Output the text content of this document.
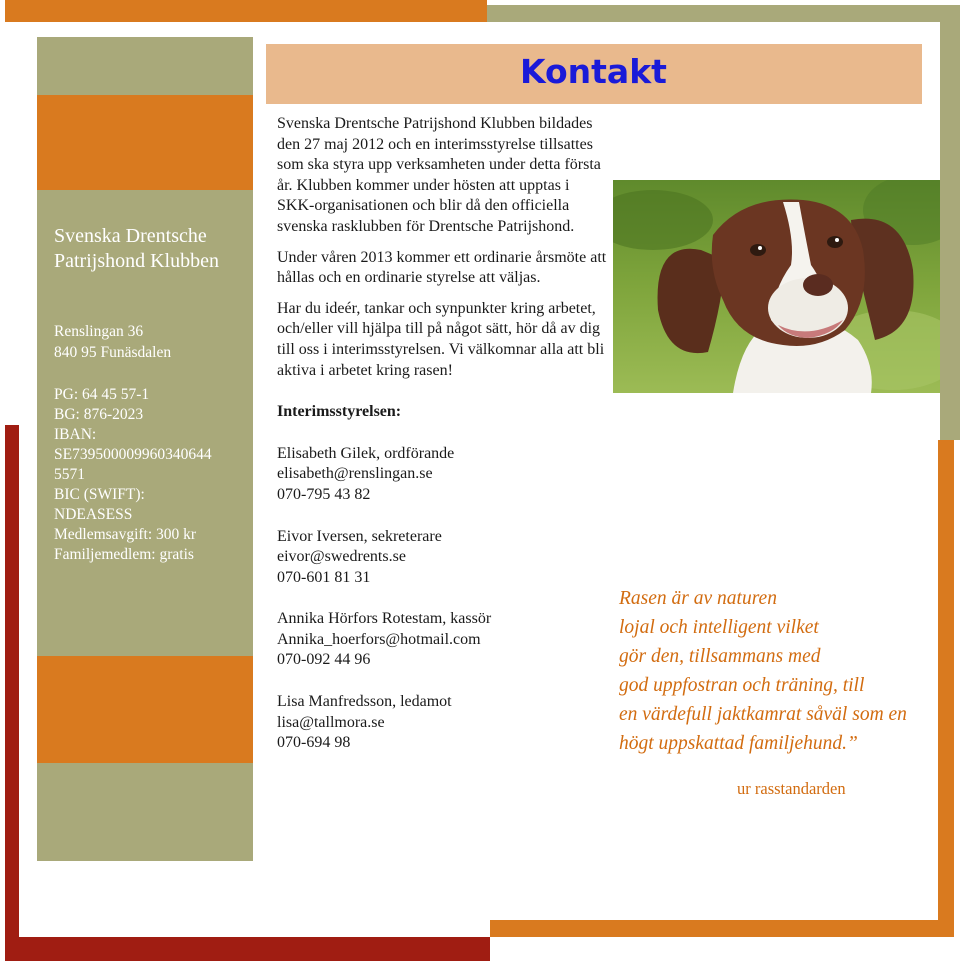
Svenska Drentsche Patrijshond Klubben
Renslingan 36
840 95 Funäsdalen
PG: 64 45 57-1
BG: 876-2023
IBAN:
SE739500009960340644
5571
BIC (SWIFT):
NDEASESS
Medlemsavgift: 300 kr
Familjemedlem: gratis
Kontakt

Svenska Drentsche Patrijshond Klubben bildades den 27 maj 2012 och en interimsstyrelse tillsattes som ska styra upp verksamheten under detta första år. Klubben kommer under hösten att upptas i SKK-organisationen och blir då den officiella svenska rasklubben för Drentsche Patrijshond.

Under våren 2013 kommer ett ordinarie årsmöte att hållas och en ordinarie styrelse att väljas.

Har du ideér, tankar och synpunkter kring arbetet, och/eller vill hjälpa till på något sätt, hör då av dig till oss i interimsstyrelsen. Vi välkomnar alla att bli aktiva i arbetet kring rasen!

Interimsstyrelsen:

Elisabeth Gilek, ordförande
elisabeth@renslingan.se
070-795 43 82
Eivor Iversen, sekreterare
eivor@swedrents.se
070-601 81 31
Annika Hörfors Rotestam, kassör
Annika_hoerfors@hotmail.com
070-092 44 96
Lisa Manfredsson, ledamot
lisa@tallmora.se
070-694 98
Rasen är av naturen
lojal och intelligent vilket
gör den, tillsammans med
god uppfostran och träning, till
en värdefull jaktkamrat såväl som en
högt uppskattad familjehund.”
ur rasstandarden
